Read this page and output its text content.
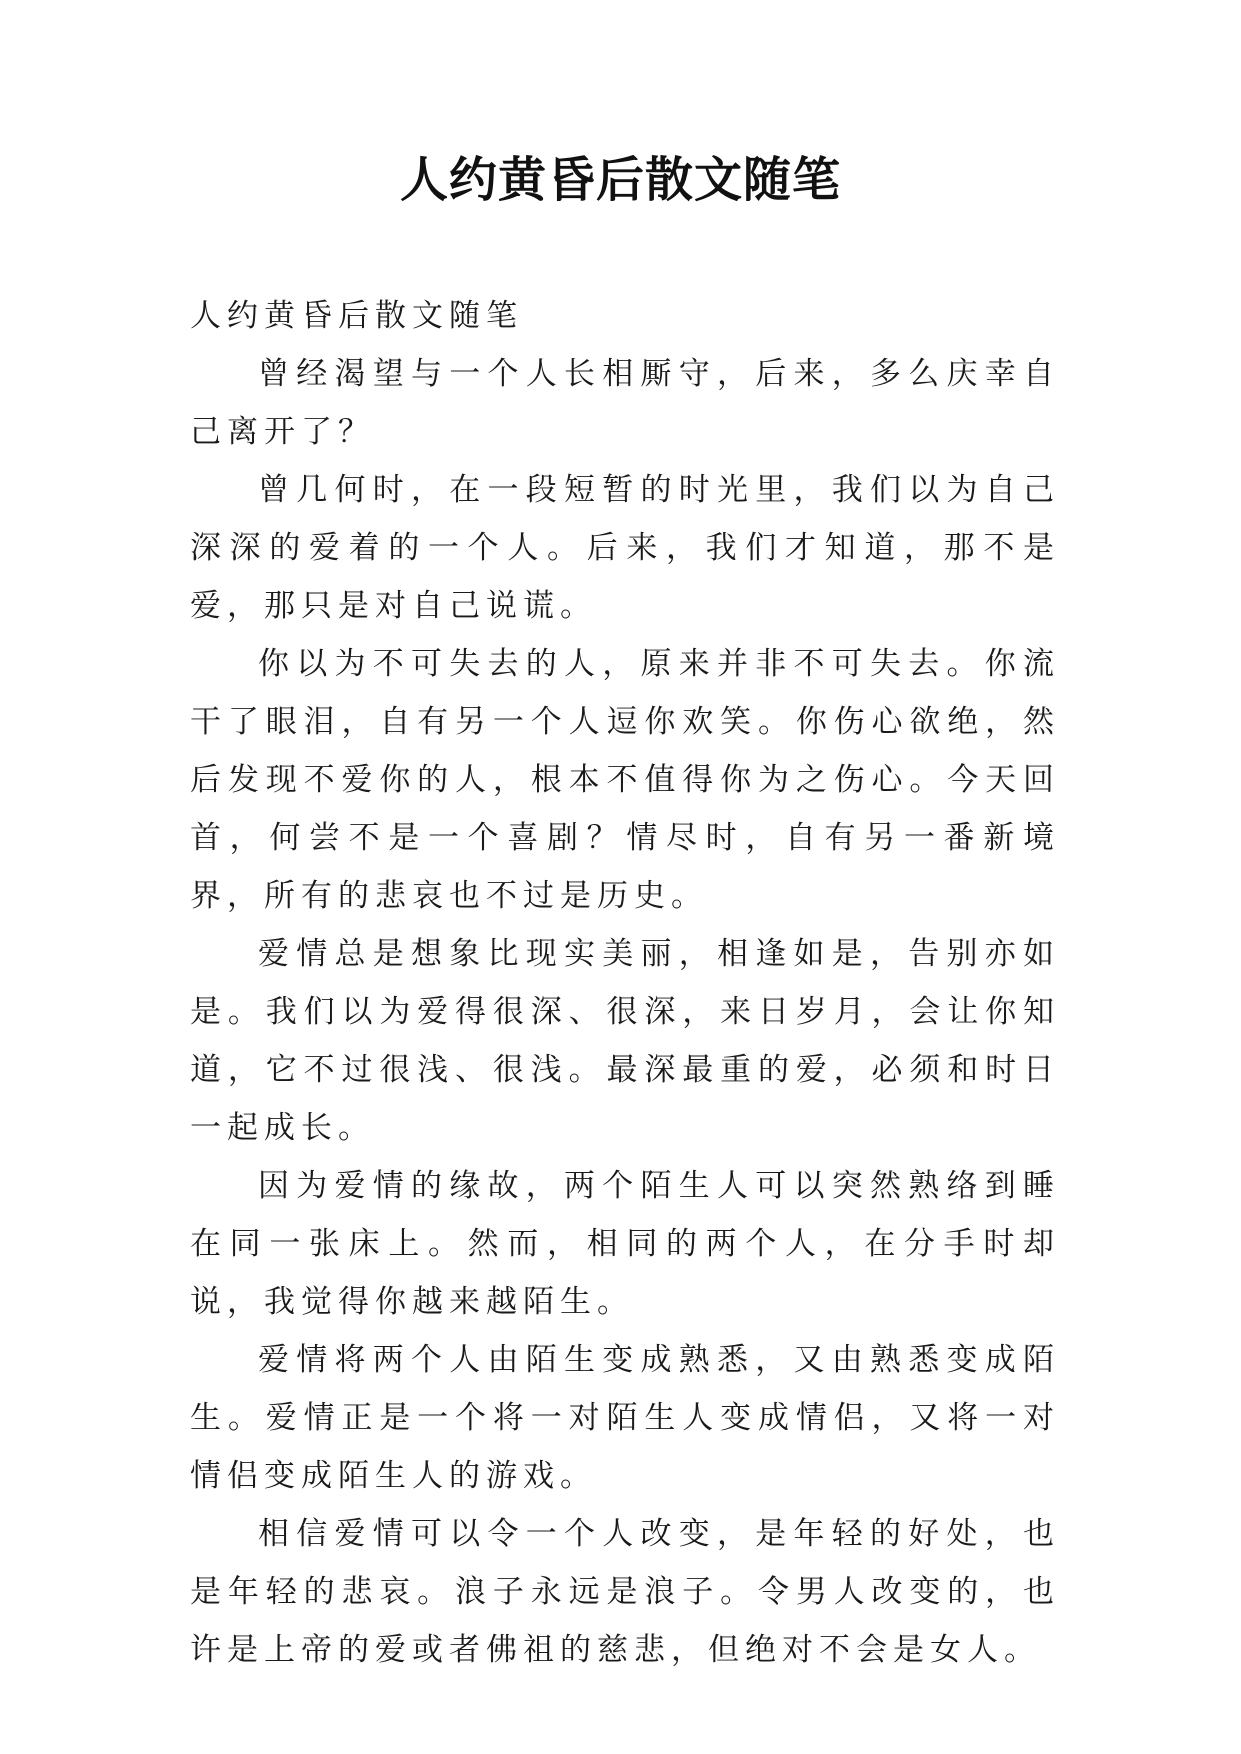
人约黄昏后散文随笔

人约黄昏后散文随笔

曾经渴望与一个人长相厮守，后来，多么庆幸自己离开了？

曾几何时，在一段短暂的时光里，我们以为自己深深的爱着的一个人。后来，我们才知道，那不是爱，那只是对自己说谎。

你以为不可失去的人，原来并非不可失去。你流干了眼泪，自有另一个人逗你欢笑。你伤心欲绝，然后发现不爱你的人，根本不值得你为之伤心。今天回首，何尝不是一个喜剧？情尽时，自有另一番新境界，所有的悲哀也不过是历史。

爱情总是想象比现实美丽，相逢如是，告别亦如是。我们以为爱得很深、很深，来日岁月，会让你知道，它不过很浅、很浅。最深最重的爱，必须和时日一起成长。

因为爱情的缘故，两个陌生人可以突然熟络到睡在同一张床上。然而，相同的两个人，在分手时却说，我觉得你越来越陌生。

爱情将两个人由陌生变成熟悉，又由熟悉变成陌生。爱情正是一个将一对陌生人变成情侣，又将一对情侣变成陌生人的游戏。

相信爱情可以令一个人改变，是年轻的好处，也是年轻的悲哀。浪子永远是浪子。令男人改变的，也许是上帝的爱或者佛祖的慈悲，但绝对不会是女人。
